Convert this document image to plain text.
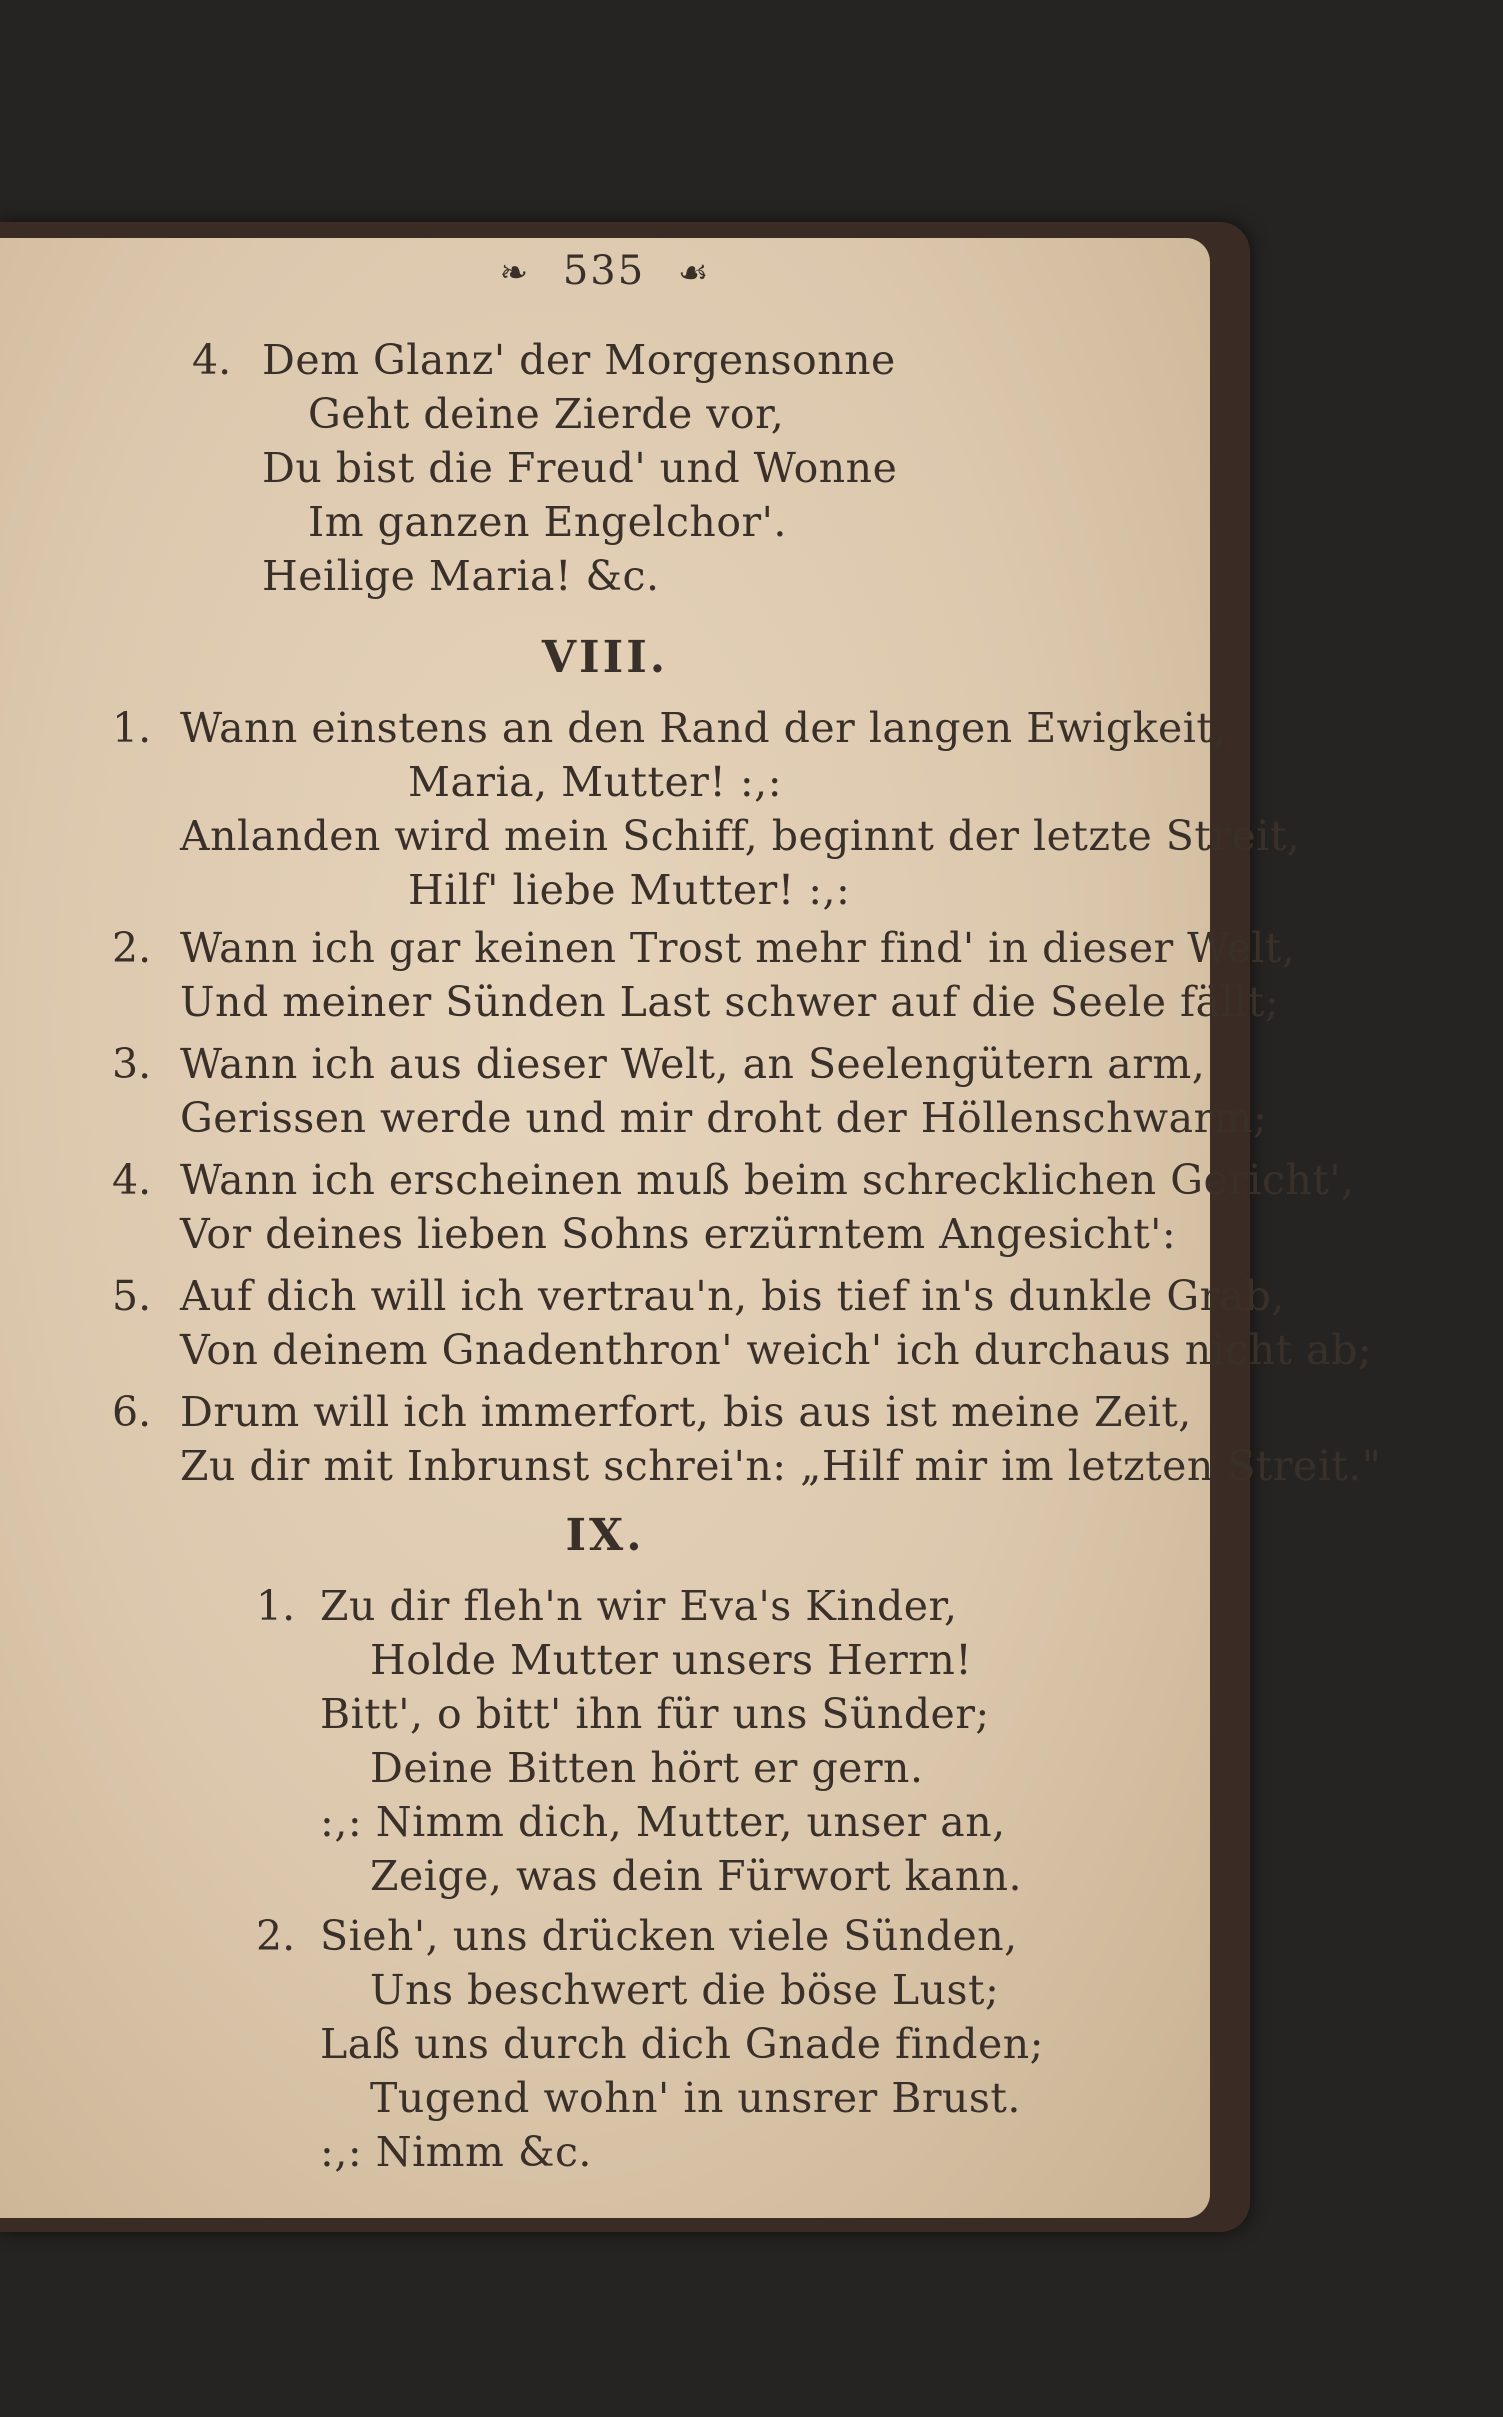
❧ 535 ☙
4. Dem Glanz' der Morgensonne
Geht deine Zierde vor,
Du bist die Freud' und Wonne
Im ganzen Engelchor'.
Heilige Maria! &c.
VIII.
1. Wann einstens an den Rand der langen Ewigkeit,
Maria, Mutter! :,:
Anlanden wird mein Schiff, beginnt der letzte Streit,
Hilf' liebe Mutter! :,:
2. Wann ich gar keinen Trost mehr find' in dieser Welt,
Und meiner Sünden Last schwer auf die Seele fällt;
3. Wann ich aus dieser Welt, an Seelengütern arm,
Gerissen werde und mir droht der Höllenschwarm;
4. Wann ich erscheinen muß beim schrecklichen Gericht',
Vor deines lieben Sohns erzürntem Angesicht':
5. Auf dich will ich vertrau'n, bis tief in's dunkle Grab,
Von deinem Gnadenthron' weich' ich durchaus nicht ab;
6. Drum will ich immerfort, bis aus ist meine Zeit,
Zu dir mit Inbrunst schrei'n: „Hilf mir im letzten Streit."
IX.
1. Zu dir fleh'n wir Eva's Kinder,
Holde Mutter unsers Herrn!
Bitt', o bitt' ihn für uns Sünder;
Deine Bitten hört er gern.
:,: Nimm dich, Mutter, unser an,
Zeige, was dein Fürwort kann.
2. Sieh', uns drücken viele Sünden,
Uns beschwert die böse Lust;
Laß uns durch dich Gnade finden;
Tugend wohn' in unsrer Brust.
:,: Nimm &c.
